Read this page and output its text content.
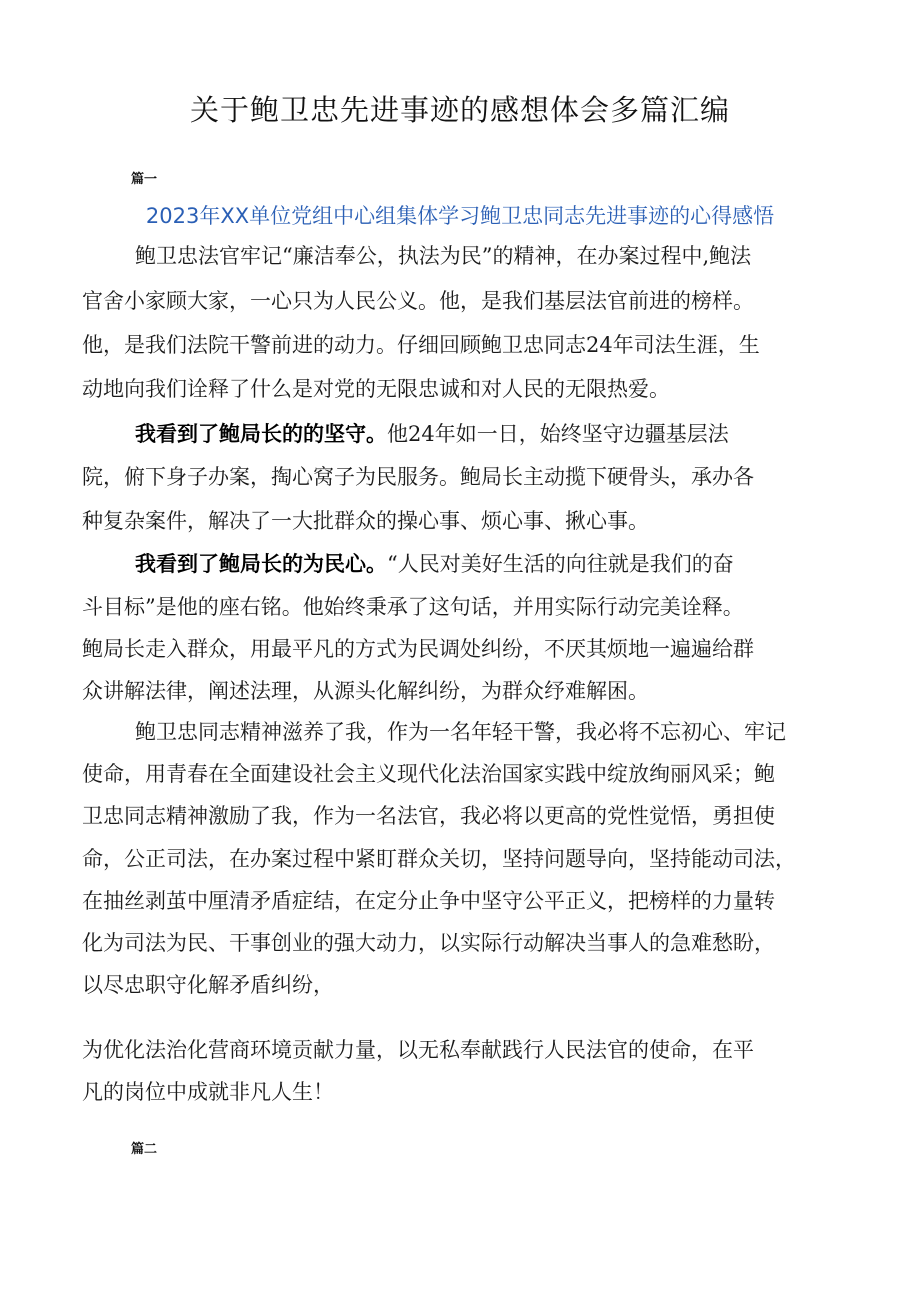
关于鲍卫忠先进事迹的感想体会多篇汇编
篇一
2023年XX单位党组中心组集体学习鲍卫忠同志先进事迹的心得感悟
鲍卫忠法官牢记“廉洁奉公，执法为民”的精神，在办案过程中,鲍法
官舍小家顾大家，一心只为人民公义。他，是我们基层法官前进的榜样。
他，是我们法院干警前进的动力。仔细回顾鲍卫忠同志24年司法生涯，生
动地向我们诠释了什么是对党的无限忠诚和对人民的无限热爱。
我看到了鲍局长的的坚守。他24年如一日，始终坚守边疆基层法
院，俯下身子办案，掏心窝子为民服务。鲍局长主动揽下硬骨头，承办各
种复杂案件，解决了一大批群众的操心事、烦心事、揪心事。
我看到了鲍局长的为民心。“人民对美好生活的向往就是我们的奋
斗目标”是他的座右铭。他始终秉承了这句话，并用实际行动完美诠释。
鲍局长走入群众，用最平凡的方式为民调处纠纷，不厌其烦地一遍遍给群
众讲解法律，阐述法理，从源头化解纠纷，为群众纾难解困。
鲍卫忠同志精神滋养了我，作为一名年轻干警，我必将不忘初心、牢记
使命，用青春在全面建设社会主义现代化法治国家实践中绽放绚丽风采；鲍
卫忠同志精神激励了我，作为一名法官，我必将以更高的党性觉悟，勇担使
命，公正司法，在办案过程中紧盯群众关切，坚持问题导向，坚持能动司法，
在抽丝剥茧中厘清矛盾症结，在定分止争中坚守公平正义，把榜样的力量转
化为司法为民、干事创业的强大动力，以实际行动解决当事人的急难愁盼，
以尽忠职守化解矛盾纠纷，
为优化法治化营商环境贡献力量，以无私奉献践行人民法官的使命，在平
凡的岗位中成就非凡人生！
篇二
